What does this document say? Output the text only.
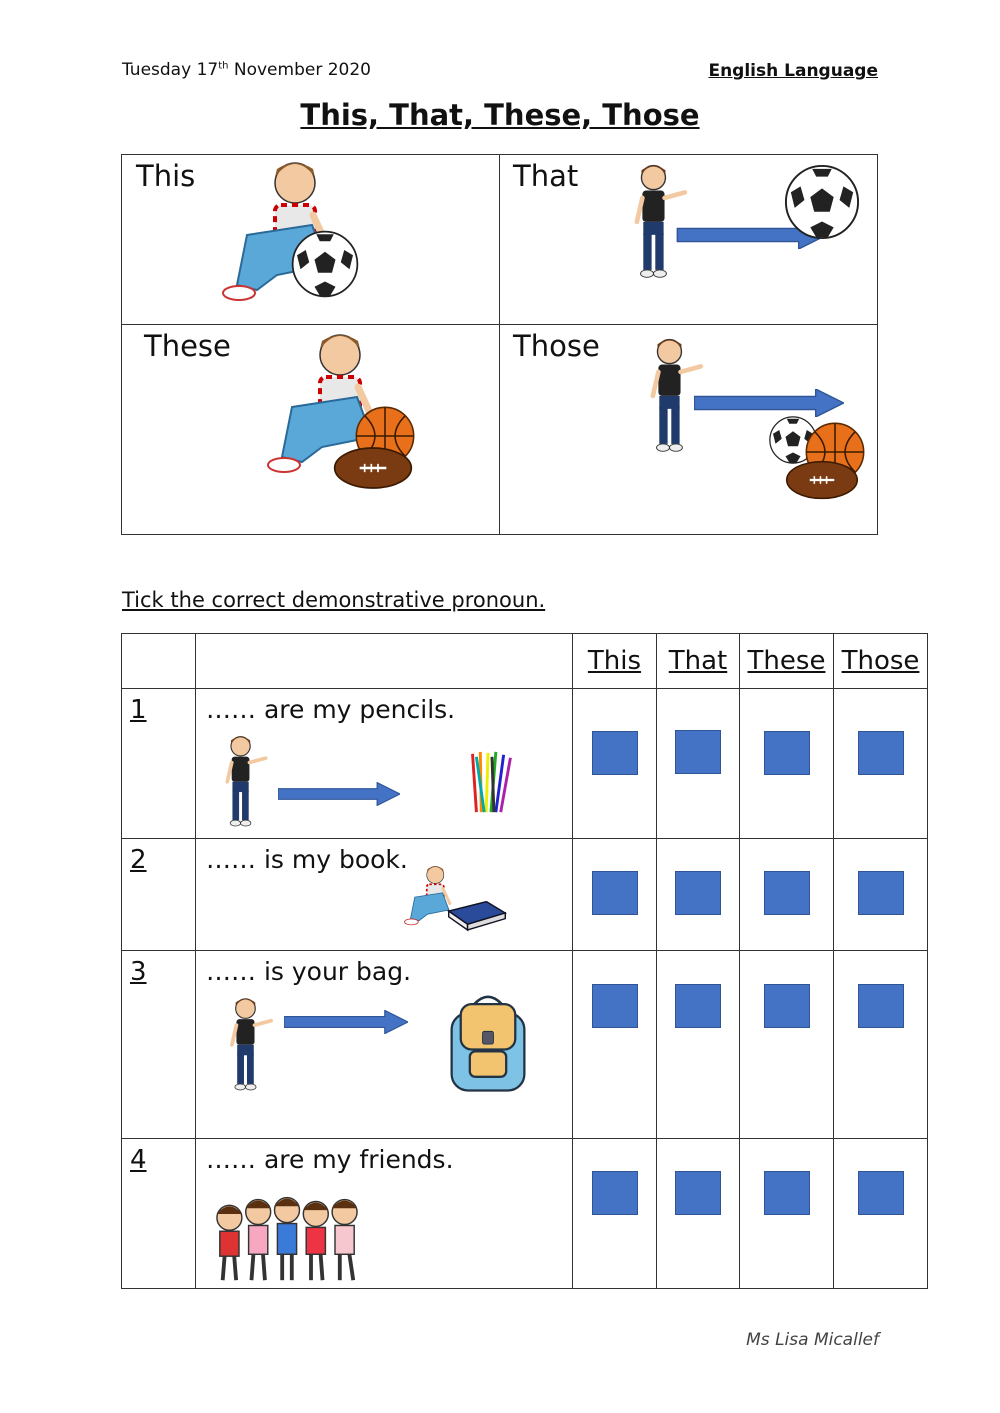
Tuesday 17th November 2020	English Language
This, That, These, Those
This	That
These	Those
Tick the correct demonstrative pronoun.
		This	That	These	Those
1	…… are my pencils.				

2	…… is my book.				

3	…… is your bag.				

4	…… are my friends.				

Ms Lisa Micallef
